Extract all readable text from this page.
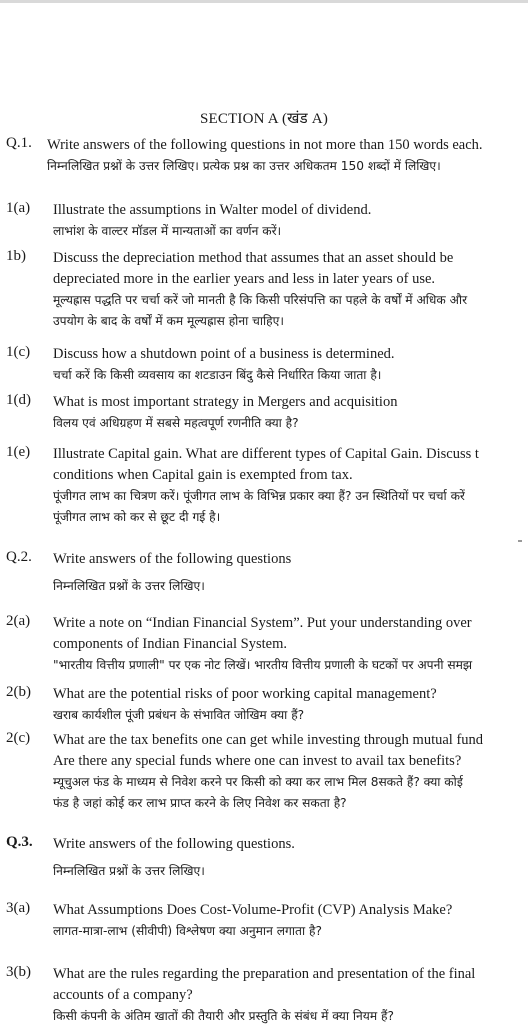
SECTION A (खंड A)
Q.1. Write answers of the following questions in not more than 150 words each.
निम्नलिखित प्रश्नों के उत्तर लिखिए। प्रत्येक प्रश्न का उत्तर अधिकतम 150 शब्दों में लिखिए।
1(a) Illustrate the assumptions in Walter model of dividend.
लाभांश के वाल्टर मॉडल में मान्यताओं का वर्णन करें।
1b) Discuss the depreciation method that assumes that an asset should be
depreciated more in the earlier years and less in later years of use.
मूल्यह्रास पद्धति पर चर्चा करें जो मानती है कि किसी परिसंपत्ति का पहले के वर्षों में अधिक और
उपयोग के बाद के वर्षों में कम मूल्यह्रास होना चाहिए।
1(c) Discuss how a shutdown point of a business is determined.
चर्चा करें कि किसी व्यवसाय का शटडाउन बिंदु कैसे निर्धारित किया जाता है।
1(d) What is most important strategy in Mergers and acquisition
विलय एवं अधिग्रहण में सबसे महत्वपूर्ण रणनीति क्या है?
1(e) Illustrate Capital gain. What are different types of Capital Gain. Discuss t
conditions when Capital gain is exempted from tax.
पूंजीगत लाभ का चित्रण करें। पूंजीगत लाभ के विभिन्न प्रकार क्या हैं? उन स्थितियों पर चर्चा करें
पूंजीगत लाभ को कर से छूट दी गई है।
Q.2. Write answers of the following questions
निम्नलिखित प्रश्नों के उत्तर लिखिए।
2(a) Write a note on “Indian Financial System”. Put your understanding over
components of Indian Financial System.
"भारतीय वित्तीय प्रणाली" पर एक नोट लिखें। भारतीय वित्तीय प्रणाली के घटकों पर अपनी समझ
2(b) What are the potential risks of poor working capital management?
खराब कार्यशील पूंजी प्रबंधन के संभावित जोखिम क्या हैं?
2(c) What are the tax benefits one can get while investing through mutual fund
Are there any special funds where one can invest to avail tax benefits?
म्यूचुअल फंड के माध्यम से निवेश करने पर किसी को क्या कर लाभ मिल 8सकते हैं? क्या कोई
फंड है जहां कोई कर लाभ प्राप्त करने के लिए निवेश कर सकता है?
Q.3. Write answers of the following questions.
निम्नलिखित प्रश्नों के उत्तर लिखिए।
3(a) What Assumptions Does Cost-Volume-Profit (CVP) Analysis Make?
लागत-मात्रा-लाभ (सीवीपी) विश्लेषण क्या अनुमान लगाता है?
3(b) What are the rules regarding the preparation and presentation of the final
accounts of a company?
किसी कंपनी के अंतिम खातों की तैयारी और प्रस्तुति के संबंध में क्या नियम हैं?
